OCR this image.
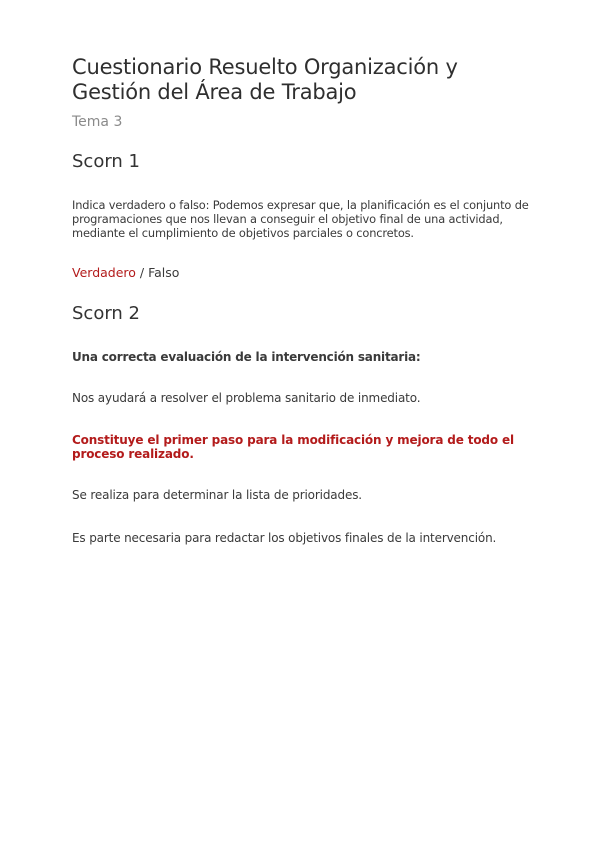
Cuestionario Resuelto Organización y Gestión del Área de Trabajo
Tema 3
Scorn 1
Indica verdadero o falso: Podemos expresar que, la planificación es el conjunto de programaciones que nos llevan a conseguir el objetivo final de una actividad, mediante el cumplimiento de objetivos parciales o concretos.
Verdadero / Falso
Scorn 2
Una correcta evaluación de la intervención sanitaria:
Nos ayudará a resolver el problema sanitario de inmediato.
Constituye el primer paso para la modificación y mejora de todo el proceso realizado.
Se realiza para determinar la lista de prioridades.
Es parte necesaria para redactar los objetivos finales de la intervención.
